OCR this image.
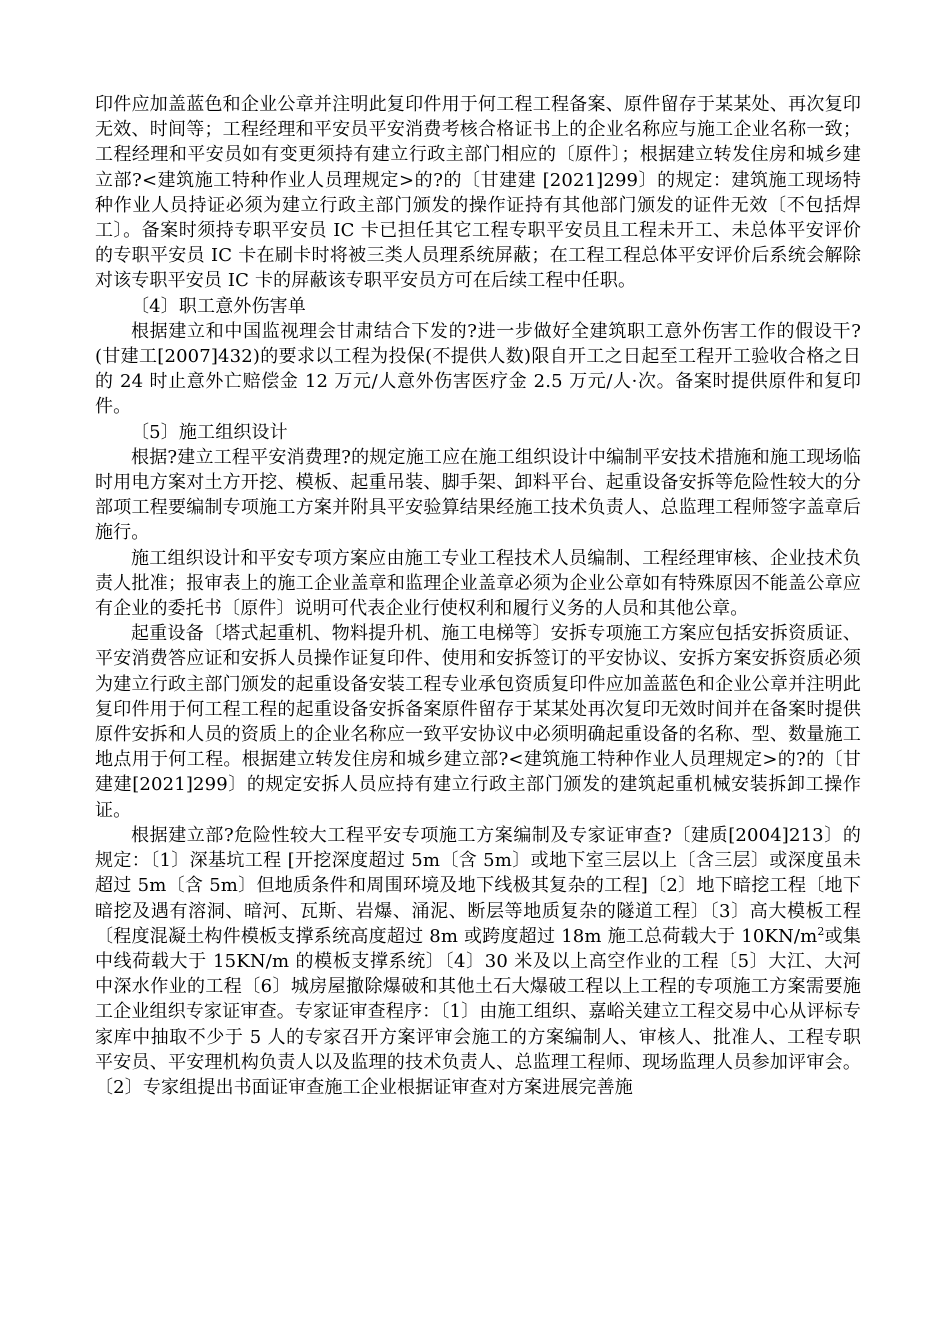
印件应加盖蓝色和企业公章并注明此复印件用于何工程工程备案、原件留存于某某处、再次复印无效、时间等；工程经理和平安员平安消费考核合格证书上的企业名称应与施工企业名称一致；工程经理和平安员如有变更须持有建立行政主部门相应的〔原件〕；根据建立转发住房和城乡建立部?<建筑施工特种作业人员理规定>的?的〔甘建建 [2021]299〕的规定：建筑施工现场特种作业人员持证必须为建立行政主部门颁发的操作证持有其他部门颁发的证件无效〔不包括焊工〕。备案时须持专职平安员 IC 卡已担任其它工程专职平安员且工程未开工、未总体平安评价的专职平安员 IC 卡在刷卡时将被三类人员理系统屏蔽；在工程工程总体平安评价后系统会解除对该专职平安员 IC 卡的屏蔽该专职平安员方可在后续工程中任职。

〔4〕职工意外伤害单

根据建立和中国监视理会甘肃结合下发的?进一步做好全建筑职工意外伤害工作的假设干?(甘建工[2007]432)的要求以工程为投保(不提供人数)限自开工之日起至工程开工验收合格之日的 24 时止意外亡赔偿金 12 万元/人意外伤害医疗金 2.5 万元/人·次。备案时提供原件和复印件。

〔5〕施工组织设计

根据?建立工程平安消费理?的规定施工应在施工组织设计中编制平安技术措施和施工现场临时用电方案对土方开挖、模板、起重吊装、脚手架、卸料平台、起重设备安拆等危险性较大的分部项工程要编制专项施工方案并附具平安验算结果经施工技术负责人、总监理工程师签字盖章后施行。

施工组织设计和平安专项方案应由施工专业工程技术人员编制、工程经理审核、企业技术负责人批准；报审表上的施工企业盖章和监理企业盖章必须为企业公章如有特殊原因不能盖公章应有企业的委托书〔原件〕说明可代表企业行使权利和履行义务的人员和其他公章。

起重设备〔塔式起重机、物料提升机、施工电梯等〕安拆专项施工方案应包括安拆资质证、平安消费答应证和安拆人员操作证复印件、使用和安拆签订的平安协议、安拆方案安拆资质必须为建立行政主部门颁发的起重设备安装工程专业承包资质复印件应加盖蓝色和企业公章并注明此复印件用于何工程工程的起重设备安拆备案原件留存于某某处再次复印无效时间并在备案时提供原件安拆和人员的资质上的企业名称应一致平安协议中必须明确起重设备的名称、型、数量施工地点用于何工程。根据建立转发住房和城乡建立部?<建筑施工特种作业人员理规定>的?的〔甘建建[2021]299〕的规定安拆人员应持有建立行政主部门颁发的建筑起重机械安装拆卸工操作证。

根据建立部?危险性较大工程平安专项施工方案编制及专家证审查?〔建质[2004]213〕的规定：〔1〕深基坑工程 [开挖深度超过 5m〔含 5m〕或地下室三层以上〔含三层〕或深度虽未超过 5m〔含 5m〕但地质条件和周围环境及地下线极其复杂的工程]〔2〕地下暗挖工程〔地下暗挖及遇有溶洞、暗河、瓦斯、岩爆、涌泥、断层等地质复杂的隧道工程〕〔3〕高大模板工程〔程度混凝土构件模板支撑系统高度超过 8m 或跨度超过 18m 施工总荷载大于 $10KN/m^2$或集中线荷载大于 15KN/m 的模板支撑系统〕〔4〕30 米及以上高空作业的工程〔5〕大江、大河中深水作业的工程〔6〕城房屋撤除爆破和其他土石大爆破工程以上工程的专项施工方案需要施工企业组织专家证审查。专家证审查程序：〔1〕由施工组织、嘉峪关建立工程交易中心从评标专家库中抽取不少于 5 人的专家召开方案评审会施工的方案编制人、审核人、批准人、工程专职平安员、平安理机构负责人以及监理的技术负责人、总监理工程师、现场监理人员参加评审会。〔2〕专家组提出书面证审查施工企业根据证审查对方案进展完善施
